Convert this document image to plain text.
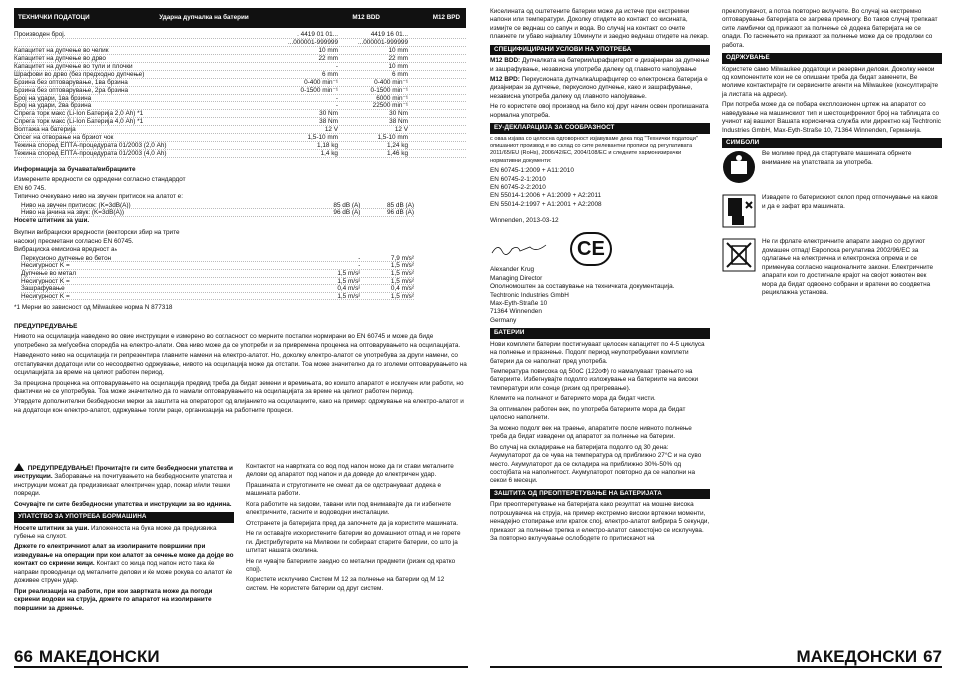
ТЕХНИЧКИ ПОДАТОЦИ	Ударна дупчалка на батерии	M12 BDD	M12 BPD
Производен број.	. 4419 01 01...	4419 16 01...
...000001-999999	...000001-999999
Капацитет на дупчење во челик	10 mm	10 mm
Капацитет на дупчење во дрво	22 mm	22 mm
Капацитет на дупчење во тули и плочки	-	10 mm
Шрафови во дрво (без предходно дупчење)	6 mm	6 mm
Брзина без оптоварување, 1ва брзина	0-400 min⁻¹	0-400 min⁻¹
Брзина без оптоварување, 2ра брзина	0-1500 min⁻¹	0-1500 min⁻¹
Број на удари, 1ва брзина	-	6000 min⁻¹
Број на удари, 2ва брзина	-	22500 min⁻¹
Спрега торк макс (Li-Ion Батерија 2,0 Ah) *1	30 Nm	30 Nm
Спрега торк макс (Li-Ion Батерија 4,0 Ah) *1	38 Nm	38 Nm
Волтажа на батерија	12 V	12 V
Опсег на отворање на брзиот чок	1,5-10 mm	1,5-10 mm
Тежина според ЕПТА-процедурата 01/2003 (2,0 Ah)	1,18 kg	1,24 kg
Тежина според ЕПТА-процедурата 01/2003 (4,0 Ah)	1,4 kg	1,46 kg
Информација за бучавата/вибрациите
Измерените вредности се одредени согласно стандардот
EN 60 745.
Типично очекувано ниво на звучен притисок на алатот е:
Ниво на звучен притисок: (K=3dB(A))	85 dB (A)	85 dB (A)
Ниво на јачина на звук: (K=3dB(A))	96 dB (A)	96 dB (A)
Носете штитник за уши.
Вкупни вибрациски вредности (векторски збир на трите
насоки) пресметани согласно EN 60745.
Вибрациска емисиона вредност aₕ
Перкусионо дупчење во бетон	-	7,9 m/s²
Несигурност K =	-	1,5 m/s²
Дупчење во метал	1,5 m/s²	1,5 m/s²
Несигурност K =	1,5 m/s²	1,5 m/s²
Зашрафување	0,4 m/s²	0,4 m/s²
Несигурност K =	1,5 m/s²	1,5 m/s²
*1 Мерни во зависност од Milwaukee норма N 877318
ПРЕДУПРЕДУВАЊЕ
Нивото на осцилација наведено во овие инструкции е измерено во согласност со мерните постапки нормирани во EN 60745 и може да биде употребено за меѓусебна споредба на електро-алати. Ова ниво може да се употреби и за привремена проценка на оптоварувањето на осцилацијата.
Наведеното ниво на осцилација ги репрезентира главните намени на електро-алатот. Но, доколку електро-алатот се употребува за други намени, со отстапувачки додатоци или со несоодветно одржување, нивото на осцилација може да отстапи. Тоа може значително да го зголеми оптоварувањето на осцилацијата за време на целиот работен период.
За прецизна проценка на оптоварувањето на осцилација предвид треба да бидат земени и времињата, во коишто апаратот е исклучен или работи, но фактички не се употребува. Тоа може значително да го намали оптоварувањето на осцилацијата за време на целиот работен период.
Утврдете дополнителни безбедносни мерки за заштита на операторот од влијанието на осцилациите, како на пример: одржување на електро-алатот и на додатоци кон електро-алатот, одржување топли раце, организација на работните процеси.
ПРЕДУПРЕДУВАЊЕ! Прочитајте ги сите безбедносни упатства и инструкции. Заборавање на почитувањето на безбедносните упатства и инструкции можат да предизвикаат електричен удар, пожар и/или тешки повреди.
Сочувајте ги сите безбедносни упатства и инструкции за во иднина.
УПАТСТВО ЗА УПОТРЕБА БОРМАШИНА
Носете штитник за уши. Изложеноста на бука може да предизвика губење на слухот.
Држете го електричниот алат за изолираните површини при изведување на операции при кои алатот за сечење може да дојде во контакт со скриени жици. Контакт со жица под напон исто така ќе направи проводници од металните делови и ќе може рокува со алатот ќе доживее струен удар.
При реализација на работи, при кои завртката може да погоди скриени водови на струја, држете го апаратот на изолираните површини за држење.
Контактот на навртката со вод под напон може да ги стави металните делови од апаратот под напон и да доведе до електричен удар.
Прашината и струготините не смеат да се одстрануваат додека е машината работи.
Кога работите на ѕидови, тавани или под внимавајте да ги избегнете електричните, гасните и водоводни инсталации.
Отстранете ја батеријата пред да започнете да ја користите машината.
Не ги оставајте искористените батерии во домашниот отпад и не горете ги. Дистрибутерите на Милвоки ги собираат старите батерии, со што ја штитат нашата околина.
Не ги чувајте батериите заедно со метални предмети (ризик од кратко спој).
Користете исклучиво Систем М 12 за полнење на батерии од М 12 систем. Не користете батерии од друг систем.
66 МАКЕДОНСКИ
Киселината од оштетените батерии може да истече при екстремни напони или температури. Доколку отидете во контакт со кисината, измијте се веднаш со сапун и вода. Во случај на контакт со очите плакнете ги убаво најмалку 10минути и заедно веднаш отидете на лекар.
СПЕЦИФИЦИРАНИ УСЛОВИ НА УПОТРЕБА
M12 BDD: Дупчалката на батерии/шрафцигерот е дизајниран за дупчење и зашрафување, независна употреба далеку од главното напојување
M12 BPD: Перкусионата дупчалка/шрафцигер со електронска батерија е дизајниран за дупчење, перкусионо дупчење, како и зашрафување, независна употреба далеку од главното напојување.
Не го користете овој производ на било кој друг начин освен пропишаната нормална употреба.
ЕУ-ДЕКЛАРАЦИЈА ЗА СООБРАЗНОСТ
с оваа изјава со целосна одговорност изјавуваме дека под "Технички податоци" опишаниот производ е во склад со сите релевантни прописи од регулативата 2011/65/EU (RoHs), 2006/42/EC, 2004/108/EC и следните хармонизирачки нормативни документи:
EN 60745-1:2009 + A11:2010
EN 60745-2-1:2010
EN 60745-2-2:2010
EN 55014-1:2006 + A1:2009 + A2:2011
EN 55014-2:1997 + A1:2001 + A2:2008
Winnenden, 2013-03-12
CE
Alexander Krug
Managing Director
Ополномоштен за составување на техничката документација.
Techtronic Industries GmbH
Max-Eyth-Straße 10
71364 Winnenden
Germany
БАТЕРИИ
Нови комплети батерии постигнуваат целосен капацитет по 4-5 циклуса на полнење и празнење. Подолг период неупотребувани комплети батерии да се наполнат пред употреба.
Температура повисока од 50оС (122оФ) го намалуваат траењето на батериите. Избегнувајте подолго изложување на батериите на високи температури или сонце (ризик од прегревање).
Клемите на полначот и батерието мора да бидат чисти.
За оптимален работен век, по употреба батериите мора да бидат целосно наполнети.
За можно подолг век на траење, апаратите после нивното полнење треба да бидат извадени од апаратот за полнење на батерии.
Во случај на складирање на батеријата подолго од 30 дена: Акумулаторот да се чува на температура од приближно 27°C и на суво место. Акумулаторот да се складира на приближно 30%-50% од состојбата на наполнетост. Акумулаторот повторно да се наполни на секои 6 месеци.
ЗАШТИТА ОД ПРЕОПТЕРЕТУВАЊЕ НА БАТЕРИЈАТА
При преоптеретување на батеријата како резултат на мошне висока потрошувачка на струја, на пример екстремно високи вртежни моменти, ненадејно стопирање или краток спој, електро-алатот вибрира 5 секунди, приказот за полнење трепка и електро-алатот самостојно се исклучува. За повторно вклучување ослободете го притискачот на
преклопувачот, а потоа повторно вклучете. Во случај на екстремно оптоварување батеријата се загрева премногу. Во таков случај трепкаат сите ламбички од приказот за полнење сѐ додека батеријата не се олади. По гаснењето на приказот за полнење може да се продолжи со работа.
ОДРЖУВАЊЕ
Користете само Milwaukee додатоци и резервни делови. Доколку некои од компонентите кои не се опишани треба да бидат заменети, Ве молиме контактирајте ги сервисните агенти на Milwaukee (консултирајте ја листата на адреси).
При потреба може да се побара експлозионен цртеж на апаратот со наведување на машинскиот тип и шестоцифрениот број на таблицата со учинот кај вашиот Вашата корисничка служба или директно кај Techtronic Industries GmbH, Max-Eyth-Straße 10, 71364 Winnenden, Германија.
СИМБОЛИ
Ве молиме пред да стартувате машината обрнете внимание на упатствата за употреба.
Извадете го батерискиот склоп пред отпочнување на каков и да е зафат врз машината.
Не ги фрлате електричните апарати заедно со другиот домашен отпад! Европска регулатива 2002/96/EC за одлагање на електрична и електронска опрема и се применува согласно националните закони. Електричните апарати кои го достигнале крајот на својот животен век мора да бидат одвоено собрани и вратени во соодветна рециклажна установа.
МАКЕДОНСКИ 67
